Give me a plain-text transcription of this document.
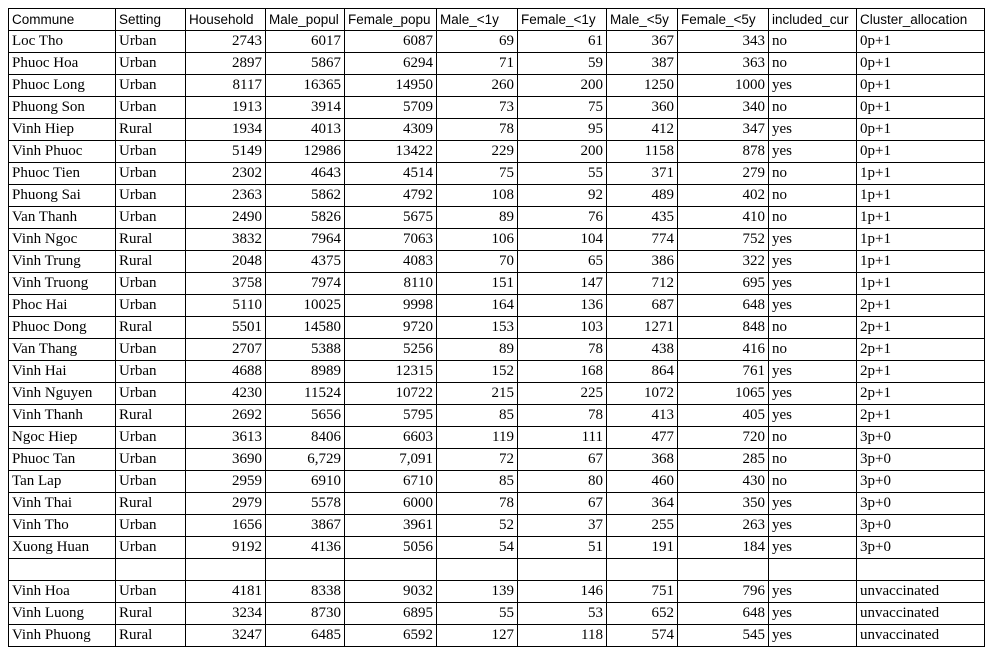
Commune	Setting	Household	Male_popul	Female_popu	Male_<1y	Female_<1y	Male_<5y	Female_<5y	included_cur	Cluster_allocation
Loc Tho	Urban	2743	6017	6087	69	61	367	343	no	0p+1
Phuoc Hoa	Urban	2897	5867	6294	71	59	387	363	no	0p+1
Phuoc Long	Urban	8117	16365	14950	260	200	1250	1000	yes	0p+1
Phuong Son	Urban	1913	3914	5709	73	75	360	340	no	0p+1
Vinh Hiep	Rural	1934	4013	4309	78	95	412	347	yes	0p+1
Vinh Phuoc	Urban	5149	12986	13422	229	200	1158	878	yes	0p+1
Phuoc Tien	Urban	2302	4643	4514	75	55	371	279	no	1p+1
Phuong Sai	Urban	2363	5862	4792	108	92	489	402	no	1p+1
Van Thanh	Urban	2490	5826	5675	89	76	435	410	no	1p+1
Vinh Ngoc	Rural	3832	7964	7063	106	104	774	752	yes	1p+1
Vinh Trung	Rural	2048	4375	4083	70	65	386	322	yes	1p+1
Vinh Truong	Urban	3758	7974	8110	151	147	712	695	yes	1p+1
Phoc Hai	Urban	5110	10025	9998	164	136	687	648	yes	2p+1
Phuoc Dong	Rural	5501	14580	9720	153	103	1271	848	no	2p+1
Van Thang	Urban	2707	5388	5256	89	78	438	416	no	2p+1
Vinh Hai	Urban	4688	8989	12315	152	168	864	761	yes	2p+1
Vinh Nguyen	Urban	4230	11524	10722	215	225	1072	1065	yes	2p+1
Vinh Thanh	Rural	2692	5656	5795	85	78	413	405	yes	2p+1
Ngoc Hiep	Urban	3613	8406	6603	119	111	477	720	no	3p+0
Phuoc Tan	Urban	3690	6,729	7,091	72	67	368	285	no	3p+0
Tan Lap	Urban	2959	6910	6710	85	80	460	430	no	3p+0
Vinh Thai	Rural	2979	5578	6000	78	67	364	350	yes	3p+0
Vinh Tho	Urban	1656	3867	3961	52	37	255	263	yes	3p+0
Xuong Huan	Urban	9192	4136	5056	54	51	191	184	yes	3p+0

Vinh Hoa	Urban	4181	8338	9032	139	146	751	796	yes	unvaccinated
Vinh Luong	Rural	3234	8730	6895	55	53	652	648	yes	unvaccinated
Vinh Phuong	Rural	3247	6485	6592	127	118	574	545	yes	unvaccinated
